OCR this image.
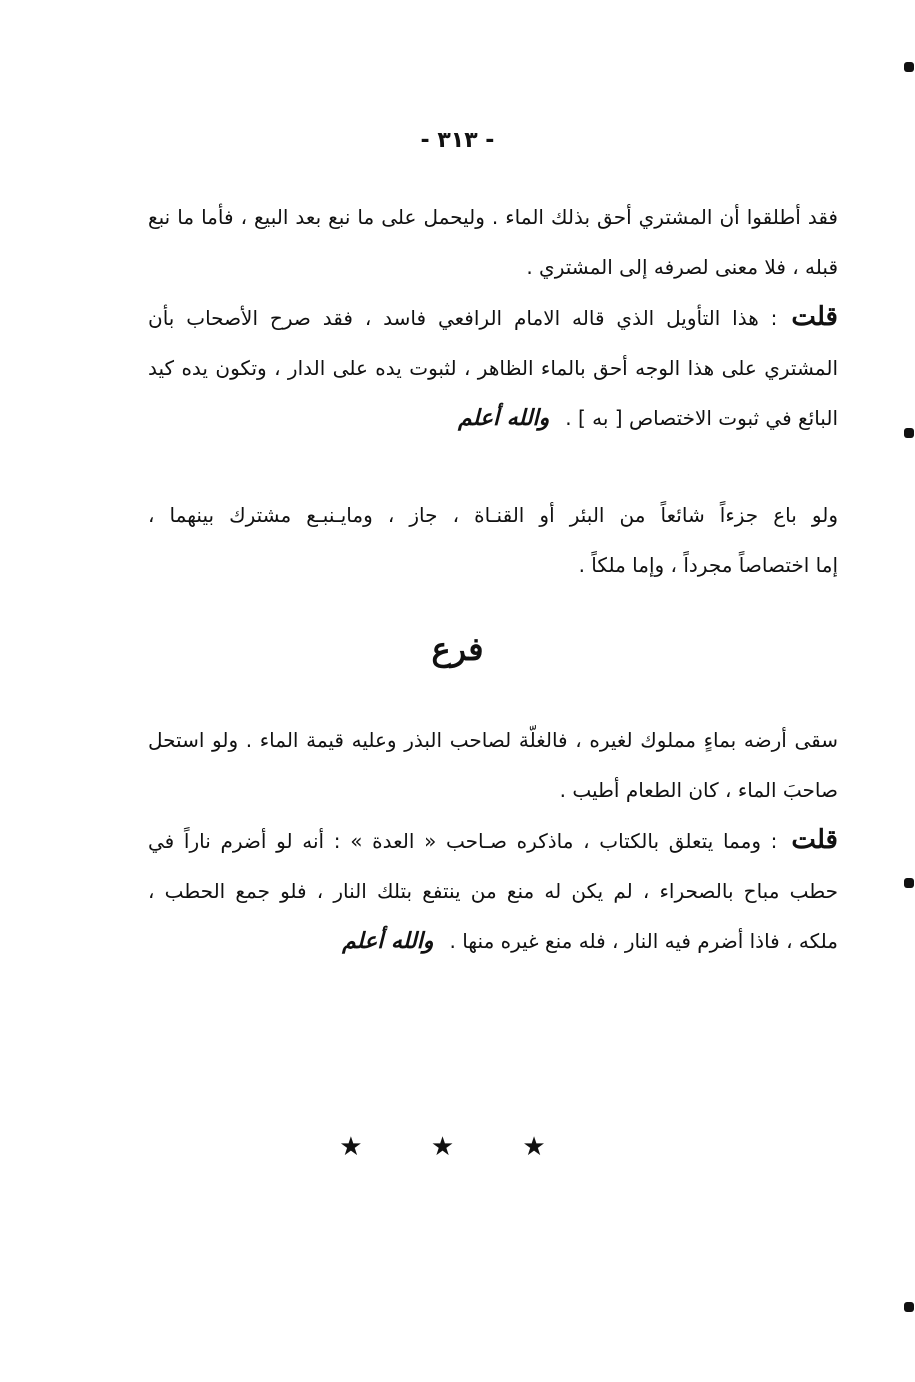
- ٣١٣ -
فقد أطلقوا أن المشتري أحق بذلك الماء . وليحمل على ما نبع بعد البيع ، فأما ما نبع
قبله ، فلا معنى لصرفه إلى المشتري .
قلت: هذا التأويل الذي قاله الامام الرافعي فاسد ، فقد صرح الأصحاب بأن
المشتري على هذا الوجه أحق بالماء الظاهر ، لثبوت يده على الدار ، وتكون يده كيد
البائع في ثبوت الاختصاص [ به ] .والله أعلم
ولو باع جزءاً شائعاً من البئر أو القنـاة ، جاز ، ومايـنبـع مشترك بينهما ،
إما اختصاصاً مجرداً ، وإما ملكاً .
فرع
سقى أرضه بماءٍ مملوك لغيره ، فالغلّة لصاحب البذر وعليه قيمة الماء . ولو استحل
صاحبَ الماء ، كان الطعام أطيب .
قلت: ومما يتعلق بالكتاب ، ماذكره صـاحب « العدة » : أنه لو أضرم ناراً في
حطب مباح بالصحراء ، لم يكن له منع من ينتفع بتلك النار ، فلو جمع الحطب ،
ملكه ، فاذا أضرم فيه النار ، فله منع غيره منها .والله أعلم
★ ★ ★
